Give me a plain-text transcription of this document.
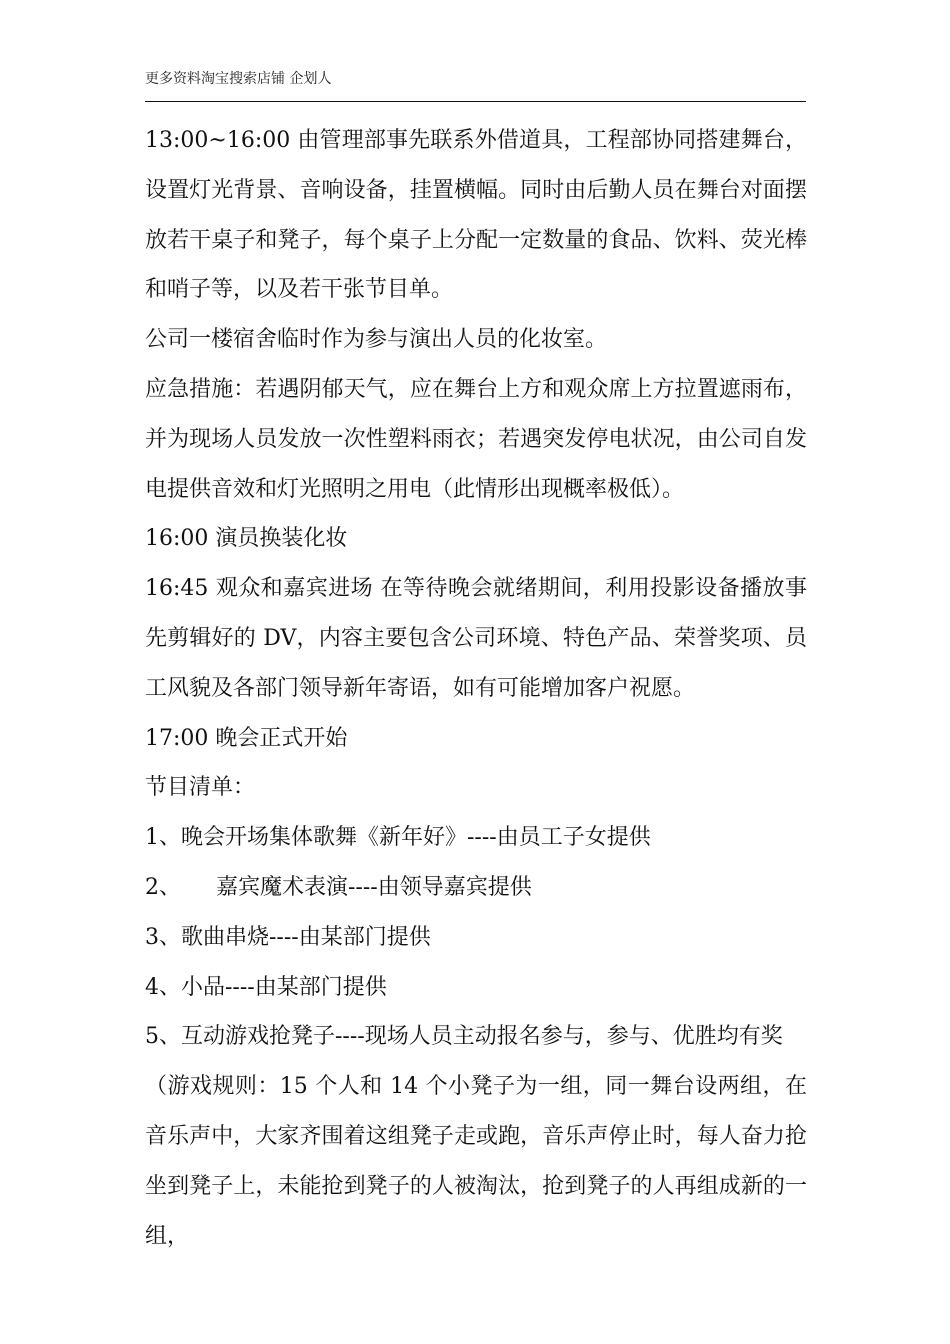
更多资料淘宝搜索店铺 企划人

13:00~16:00 由管理部事先联系外借道具，工程部协同搭建舞台，设置灯光背景、音响设备，挂置横幅。同时由后勤人员在舞台对面摆放若干桌子和凳子，每个桌子上分配一定数量的食品、饮料、荧光棒和哨子等，以及若干张节目单。

公司一楼宿舍临时作为参与演出人员的化妆室。

应急措施：若遇阴郁天气，应在舞台上方和观众席上方拉置遮雨布，并为现场人员发放一次性塑料雨衣；若遇突发停电状况，由公司自发电提供音效和灯光照明之用电（此情形出现概率极低）。

16:00 演员换装化妆

16:45 观众和嘉宾进场 在等待晚会就绪期间，利用投影设备播放事先剪辑好的 DV，内容主要包含公司环境、特色产品、荣誉奖项、员工风貌及各部门领导新年寄语，如有可能增加客户祝愿。

17:00 晚会正式开始

节目清单：

1、晚会开场集体歌舞《新年好》----由员工子女提供

2、     嘉宾魔术表演----由领导嘉宾提供

3、歌曲串烧----由某部门提供

4、小品----由某部门提供

5、互动游戏抢凳子----现场人员主动报名参与，参与、优胜均有奖

（游戏规则：15 个人和 14 个小凳子为一组，同一舞台设两组，在音乐声中，大家齐围着这组凳子走或跑，音乐声停止时，每人奋力抢坐到凳子上，未能抢到凳子的人被淘汰，抢到凳子的人再组成新的一组，
